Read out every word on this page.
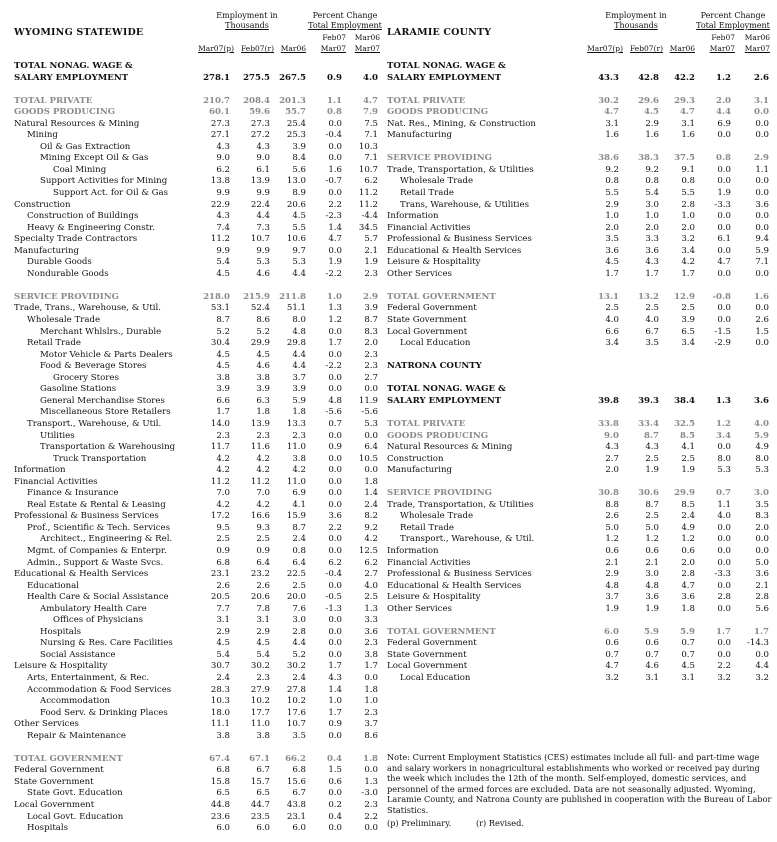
WYOMING STATEWIDE
Employment in
Thousands
Percent Change
Total Employment
Feb07	Mar06
Mar07(p) Feb07(r) Mar06	Mar07	Mar07
TOTAL NONAG. WAGE &
SALARY EMPLOYMENT	278.1	275.5	267.5	0.9	4.0
TOTAL PRIVATE	210.7	208.4	201.3	1.1	4.7
GOODS PRODUCING	60.1	59.6	55.7	0.8	7.9
Natural Resources & Mining	27.3	27.3	25.4	0.0	7.5
Mining	27.1	27.2	25.3	-0.4	7.1
Oil & Gas Extraction	4.3	4.3	3.9	0.0	10.3
Mining Except Oil & Gas	9.0	9.0	8.4	0.0	7.1
Coal Mining	6.2	6.1	5.6	1.6	10.7
Support Activities for Mining	13.8	13.9	13.0	-0.7	6.2
Support Act. for Oil & Gas	9.9	9.9	8.9	0.0	11.2
Construction	22.9	22.4	20.6	2.2	11.2
Construction of Buildings	4.3	4.4	4.5	-2.3	-4.4
Heavy & Engineering Constr.	7.4	7.3	5.5	1.4	34.5
Specialty Trade Contractors	11.2	10.7	10.6	4.7	5.7
Manufacturing	9.9	9.9	9.7	0.0	2.1
Durable Goods	5.4	5.3	5.3	1.9	1.9
Nondurable Goods	4.5	4.6	4.4	-2.2	2.3
SERVICE PROVIDING	218.0	215.9	211.8	1.0	2.9
Trade, Trans., Warehouse, & Util.	53.1	52.4	51.1	1.3	3.9
Wholesale Trade	8.7	8.6	8.0	1.2	8.7
Merchant Whlslrs., Durable	5.2	5.2	4.8	0.0	8.3
Retail Trade	30.4	29.9	29.8	1.7	2.0
Motor Vehicle & Parts Dealers	4.5	4.5	4.4	0.0	2.3
Food & Beverage Stores	4.5	4.6	4.4	-2.2	2.3
Grocery Stores	3.8	3.8	3.7	0.0	2.7
Gasoline Stations	3.9	3.9	3.9	0.0	0.0
General Merchandise Stores	6.6	6.3	5.9	4.8	11.9
Miscellaneous Store Retailers	1.7	1.8	1.8	-5.6	-5.6
Transport., Warehouse, & Util.	14.0	13.9	13.3	0.7	5.3
Utilities	2.3	2.3	2.3	0.0	0.0
Transportation & Warehousing	11.7	11.6	11.0	0.9	6.4
Truck Transportation	4.2	4.2	3.8	0.0	10.5
Information	4.2	4.2	4.2	0.0	0.0
Financial Activities	11.2	11.2	11.0	0.0	1.8
Finance & Insurance	7.0	7.0	6.9	0.0	1.4
Real Estate & Rental & Leasing	4.2	4.2	4.1	0.0	2.4
Professional & Business Services	17.2	16.6	15.9	3.6	8.2
Prof., Scientific & Tech. Services	9.5	9.3	8.7	2.2	9.2
Architect., Engineering & Rel.	2.5	2.5	2.4	0.0	4.2
Mgmt. of Companies & Enterpr.	0.9	0.9	0.8	0.0	12.5
Admin., Support & Waste Svcs.	6.8	6.4	6.4	6.2	6.2
Educational & Health Services	23.1	23.2	22.5	-0.4	2.7
Educational	2.6	2.6	2.5	0.0	4.0
Health Care & Social Assistance	20.5	20.6	20.0	-0.5	2.5
Ambulatory Health Care	7.7	7.8	7.6	-1.3	1.3
Offices of Physicians	3.1	3.1	3.0	0.0	3.3
Hospitals	2.9	2.9	2.8	0.0	3.6
Nursing & Res. Care Facilities	4.5	4.5	4.4	0.0	2.3
Social Assistance	5.4	5.4	5.2	0.0	3.8
Leisure & Hospitality	30.7	30.2	30.2	1.7	1.7
Arts, Entertainment, & Rec.	2.4	2.3	2.4	4.3	0.0
Accommodation & Food Services	28.3	27.9	27.8	1.4	1.8
Accommodation	10.3	10.2	10.2	1.0	1.0
Food Serv. & Drinking Places	18.0	17.7	17.6	1.7	2.3
Other Services	11.1	11.0	10.7	0.9	3.7
Repair & Maintenance	3.8	3.8	3.5	0.0	8.6
TOTAL GOVERNMENT	67.4	67.1	66.2	0.4	1.8
Federal Government	6.8	6.7	6.8	1.5	0.0
State Government	15.8	15.7	15.6	0.6	1.3
State Govt. Education	6.5	6.5	6.7	0.0	-3.0
Local Government	44.8	44.7	43.8	0.2	2.3
Local Govt. Education	23.6	23.5	23.1	0.4	2.2
Hospitals	6.0	6.0	6.0	0.0	0.0
LARAMIE COUNTY
Employment in
Thousands
Percent Change
Total Employment
Feb07	Mar06
Mar07(p) Feb07(r) Mar06	Mar07	Mar07
TOTAL NONAG. WAGE &
SALARY EMPLOYMENT	43.3	42.8	42.2	1.2	2.6
TOTAL PRIVATE	30.2	29.6	29.3	2.0	3.1
GOODS PRODUCING	4.7	4.5	4.7	4.4	0.0
Nat. Res., Mining, & Construction	3.1	2.9	3.1	6.9	0.0
Manufacturing	1.6	1.6	1.6	0.0	0.0
SERVICE PROVIDING	38.6	38.3	37.5	0.8	2.9
Trade, Transportation, & Utilities	9.2	9.2	9.1	0.0	1.1
Wholesale Trade	0.8	0.8	0.8	0.0	0.0
Retail Trade	5.5	5.4	5.5	1.9	0.0
Trans, Warehouse, & Utilities	2.9	3.0	2.8	-3.3	3.6
Information	1.0	1.0	1.0	0.0	0.0
Financial Activities	2.0	2.0	2.0	0.0	0.0
Professional & Business Services	3.5	3.3	3.2	6.1	9.4
Educational & Health Services	3.6	3.6	3.4	0.0	5.9
Leisure & Hospitality	4.5	4.3	4.2	4.7	7.1
Other Services	1.7	1.7	1.7	0.0	0.0
TOTAL GOVERNMENT	13.1	13.2	12.9	-0.8	1.6
Federal Government	2.5	2.5	2.5	0.0	0.0
State Government	4.0	4.0	3.9	0.0	2.6
Local Government	6.6	6.7	6.5	-1.5	1.5
Local Education	3.4	3.5	3.4	-2.9	0.0
NATRONA COUNTY
TOTAL NONAG. WAGE &
SALARY EMPLOYMENT	39.8	39.3	38.4	1.3	3.6
TOTAL PRIVATE	33.8	33.4	32.5	1.2	4.0
GOODS PRODUCING	9.0	8.7	8.5	3.4	5.9
Natural Resources & Mining	4.3	4.3	4.1	0.0	4.9
Construction	2.7	2.5	2.5	8.0	8.0
Manufacturing	2.0	1.9	1.9	5.3	5.3
SERVICE PROVIDING	30.8	30.6	29.9	0.7	3.0
Trade, Transportation, & Utilities	8.8	8.7	8.5	1.1	3.5
Wholesale Trade	2.6	2.5	2.4	4.0	8.3
Retail Trade	5.0	5.0	4.9	0.0	2.0
Transport., Warehouse, & Util.	1.2	1.2	1.2	0.0	0.0
Information	0.6	0.6	0.6	0.0	0.0
Financial Activities	2.1	2.1	2.0	0.0	5.0
Professional & Business Services	2.9	3.0	2.8	-3.3	3.6
Educational & Health Services	4.8	4.8	4.7	0.0	2.1
Leisure & Hospitality	3.7	3.6	3.6	2.8	2.8
Other Services	1.9	1.9	1.8	0.0	5.6
TOTAL GOVERNMENT	6.0	5.9	5.9	1.7	1.7
Federal Government	0.6	0.6	0.7	0.0	-14.3
State Government	0.7	0.7	0.7	0.0	0.0
Local Government	4.7	4.6	4.5	2.2	4.4
Local Education	3.2	3.1	3.1	3.2	3.2
Note: Current Employment Statistics (CES) estimates include all full- and part-time wage and salary workers in nonagricultural establishments who worked or received pay during the week which includes the 12th of the month. Self-employed, domestic services, and personnel of the armed forces are excluded. Data are not seasonally adjusted. Wyoming, Laramie County, and Natrona County are published in cooperation with the Bureau of Labor Statistics.
(p) Preliminary.	(r) Revised.
